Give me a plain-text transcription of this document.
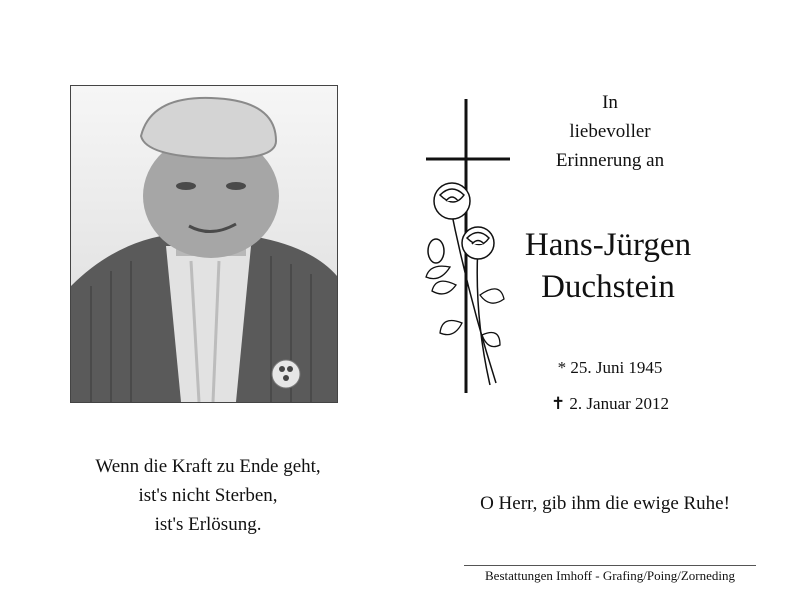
In
liebevoller
Erinnerung an
Hans-Jürgen
Duchstein
* 25. Juni 1945
✝ 2. Januar 2012
Wenn die Kraft zu Ende geht,
ist's nicht Sterben,
ist's Erlösung.
O Herr, gib ihm die ewige Ruhe!
Bestattungen Imhoff - Grafing/Poing/Zorneding
